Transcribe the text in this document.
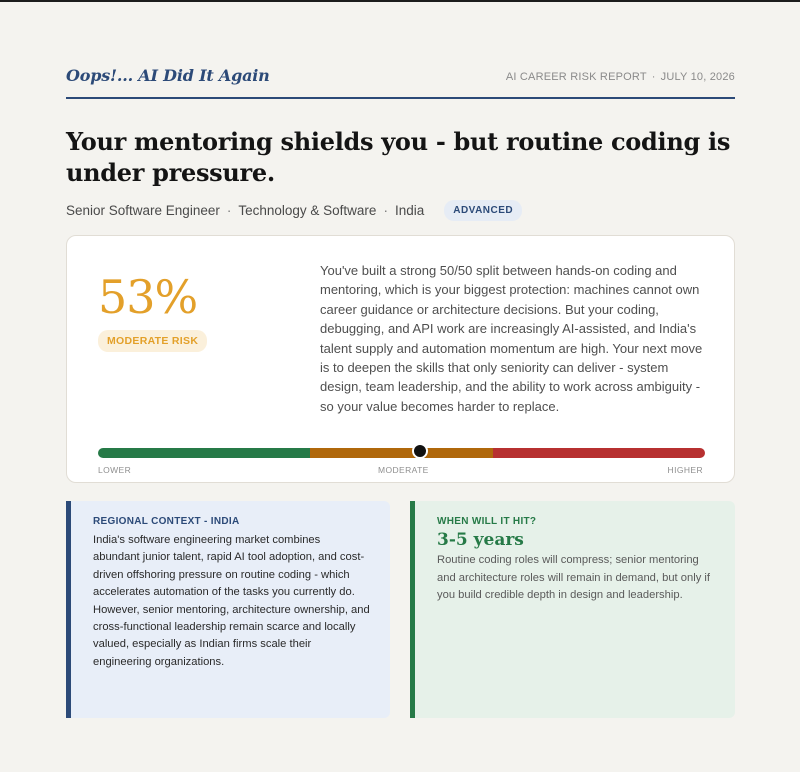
Oops!... AI Did It Again	AI CAREER RISK REPORT · JULY 10, 2026
Your mentoring shields you - but routine coding is under pressure.
Senior Software Engineer · Technology & Software · India	ADVANCED
53%
MODERATE RISK

You've built a strong 50/50 split between hands-on coding and mentoring, which is your biggest protection: machines cannot own career guidance or architecture decisions. But your coding, debugging, and API work are increasingly AI-assisted, and India's talent supply and automation momentum are high. Your next move is to deepen the skills that only seniority can deliver - system design, team leadership, and the ability to work across ambiguity - so your value becomes harder to replace.

LOWER	MODERATE	HIGHER
REGIONAL CONTEXT - INDIA

India's software engineering market combines abundant junior talent, rapid AI tool adoption, and cost-driven offshoring pressure on routine coding - which accelerates automation of the tasks you currently do. However, senior mentoring, architecture ownership, and cross-functional leadership remain scarce and locally valued, especially as Indian firms scale their engineering organizations.

WHEN WILL IT HIT?
3-5 years

Routine coding roles will compress; senior mentoring and architecture roles will remain in demand, but only if you build credible depth in design and leadership.
